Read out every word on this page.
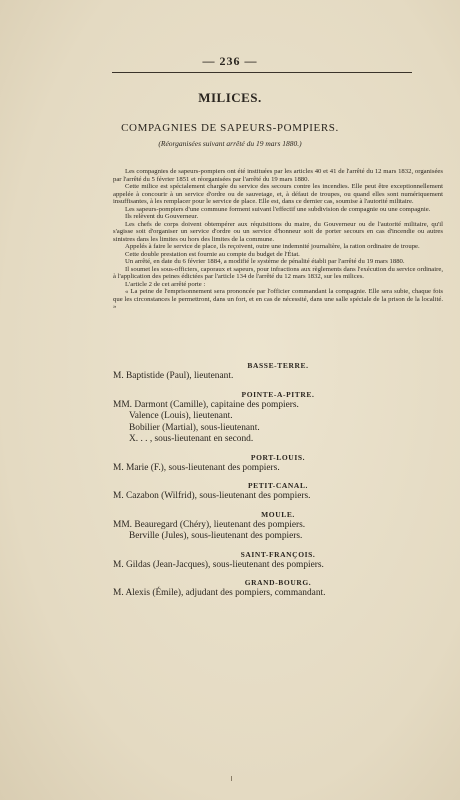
— 236 —
MILICES.
COMPAGNIES DE SAPEURS-POMPIERS.
(Réorganisées suivant arrêté du 19 mars 1880.)

Les compagnies de sapeurs-pompiers ont été instituées par les articles 40 et 41 de l'arrêté du 12 mars 1832, organisées par l'arrêté du 5 février 1851 et réorganisées par l'arrêté du 19 mars 1880.

Cette milice est spécialement chargée du service des secours contre les incendies. Elle peut être exceptionnellement appelée à concourir à un service d'ordre ou de sauvetage, et, à défaut de troupes, ou quand elles sont numériquement insuffisantes, à les remplacer pour le service de place. Elle est, dans ce dernier cas, soumise à l'autorité militaire.

Les sapeurs-pompiers d'une commune forment suivant l'effectif une subdivision de compagnie ou une compagnie.

Ils relèvent du Gouverneur.

Les chefs de corps doivent obtempérer aux réquisitions du maire, du Gouverneur ou de l'autorité militaire, qu'il s'agisse soit d'organiser un service d'ordre ou un service d'honneur soit de porter secours en cas d'incendie ou autres sinistres dans les limites ou hors des limites de la commune.

Appelés à faire le service de place, ils reçoivent, outre une indemnité journalière, la ration ordinaire de troupe.

Cette double prestation est fournie au compte du budget de l'État.

Un arrêté, en date du 6 février 1884, a modifié le système de pénalité établi par l'arrêté du 19 mars 1880.

Il soumet les sous-officiers, caporaux et sapeurs, pour infractions aux règlements dans l'exécution du service ordinaire, à l'application des peines édictées par l'article 134 de l'arrêté du 12 mars 1832, sur les milices.

L'article 2 de cet arrêté porte :

« La peine de l'emprisonnement sera prononcée par l'officier commandant la compagnie. Elle sera subie, chaque fois que les circonstances le permettront, dans un fort, et en cas de nécessité, dans une salle spéciale de la prison de la localité. »

BASSE-TERRE.
M. Baptistide (Paul), lieutenant.
POINTE-A-PITRE.
MM. Darmont (Camille), capitaine des pompiers.
Valence (Louis), lieutenant.
Bobilier (Martial), sous-lieutenant.
X. . . , sous-lieutenant en second.
PORT-LOUIS.
M. Marie (F.), sous-lieutenant des pompiers.
PETIT-CANAL.
M. Cazabon (Wilfrid), sous-lieutenant des pompiers.
MOULE.
MM. Beauregard (Chéry), lieutenant des pompiers.
Berville (Jules), sous-lieutenant des pompiers.
SAINT-FRANÇOIS.
M. Gildas (Jean-Jacques), sous-lieutenant des pompiers.
GRAND-BOURG.
M. Alexis (Émile), adjudant des pompiers, commandant.
